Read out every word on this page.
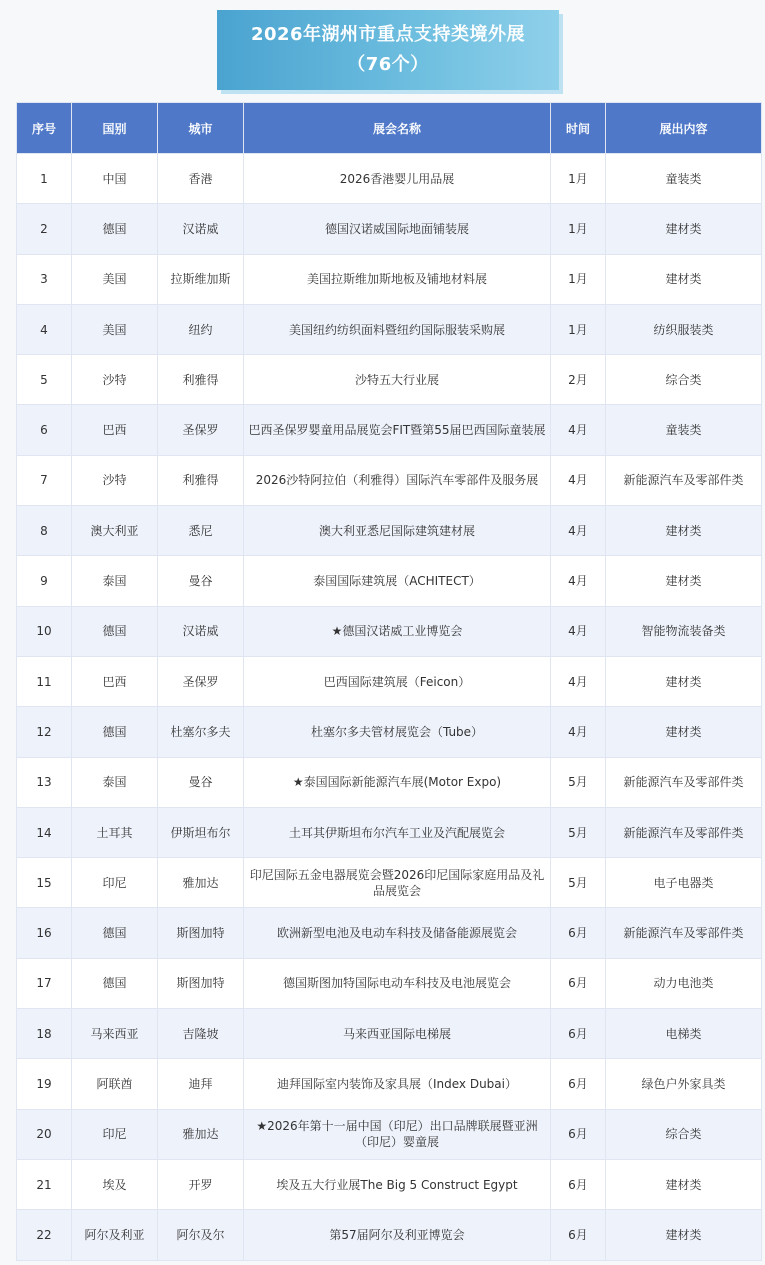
2026年湖州市重点支持类境外展
（76个）
序号	国别	城市	展会名称	时间	展出内容
1	中国	香港	2026香港婴儿用品展	1月	童装类
2	德国	汉诺威	德国汉诺威国际地面铺装展	1月	建材类
3	美国	拉斯维加斯	美国拉斯维加斯地板及铺地材料展	1月	建材类
4	美国	纽约	美国纽约纺织面料暨纽约国际服装采购展	1月	纺织服装类
5	沙特	利雅得	沙特五大行业展	2月	综合类
6	巴西	圣保罗	巴西圣保罗婴童用品展览会FIT暨第55届巴西国际童装展	4月	童装类
7	沙特	利雅得	2026沙特阿拉伯（利雅得）国际汽车零部件及服务展	4月	新能源汽车及零部件类
8	澳大利亚	悉尼	澳大利亚悉尼国际建筑建材展	4月	建材类
9	泰国	曼谷	泰国国际建筑展（ACHITECT）	4月	建材类
10	德国	汉诺威	★德国汉诺威工业博览会	4月	智能物流装备类
11	巴西	圣保罗	巴西国际建筑展（Feicon）	4月	建材类
12	德国	杜塞尔多夫	杜塞尔多夫管材展览会（Tube）	4月	建材类
13	泰国	曼谷	★泰国国际新能源汽车展(Motor Expo)	5月	新能源汽车及零部件类
14	土耳其	伊斯坦布尔	土耳其伊斯坦布尔汽车工业及汽配展览会	5月	新能源汽车及零部件类
15	印尼	雅加达	印尼国际五金电器展览会暨2026印尼国际家庭用品及礼品展览会	5月	电子电器类
16	德国	斯图加特	欧洲新型电池及电动车科技及储备能源展览会	6月	新能源汽车及零部件类
17	德国	斯图加特	德国斯图加特国际电动车科技及电池展览会	6月	动力电池类
18	马来西亚	吉隆坡	马来西亚国际电梯展	6月	电梯类
19	阿联酋	迪拜	迪拜国际室内装饰及家具展（Index Dubai）	6月	绿色户外家具类
20	印尼	雅加达	★2026年第十一届中国（印尼）出口品牌联展暨亚洲（印尼）婴童展	6月	综合类
21	埃及	开罗	埃及五大行业展The Big 5 Construct Egypt	6月	建材类
22	阿尔及利亚	阿尔及尔	第57届阿尔及利亚博览会	6月	建材类
